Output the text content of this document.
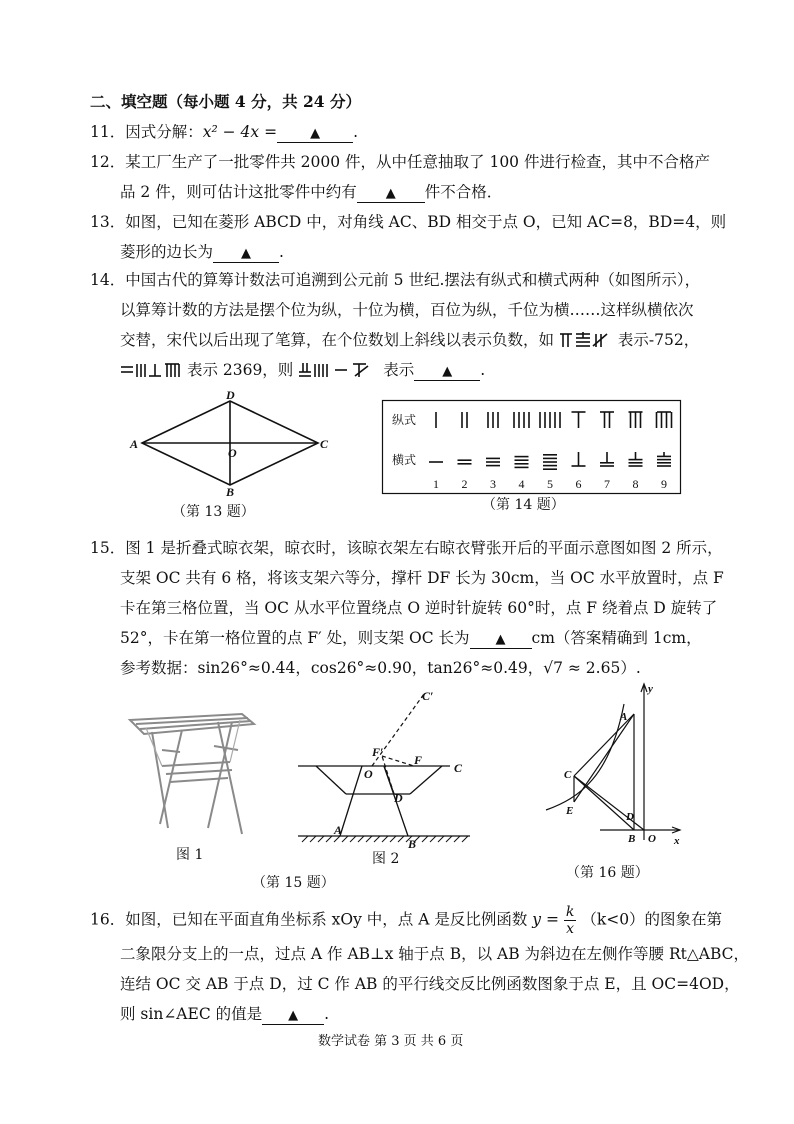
二、填空题（每小题 4 分，共 24 分）
11．因式分解：x² − 4x =	▲ .
12．某工厂生产了一批零件共 2000 件，从中任意抽取了 100 件进行检查，其中不合格产
品 2 件，则可估计这批零件中约有 ▲ 件不合格．
13．如图，已知在菱形 ABCD 中，对角线 AC、BD 相交于点 O，已知 AC=8，BD=4，则
菱形的边长为 ▲ .
14．中国古代的算筹计数法可追溯到公元前 5 世纪.摆法有纵式和横式两种（如图所示），
以算筹计数的方法是摆个位为纵，十位为横，百位为纵，千位为横……这样纵横依次
交替，宋代以后出现了笔算，在个位数划上斜线以表示负数，如	表示-752，
表示 2369，则	表示 ▲ .
A
D
C
B
O
（第 13 题）
纵式
横式
1 2 3 4 5 6 7 8 9
（第 14 题）
15．图 1 是折叠式晾衣架，晾衣时，该晾衣架左右晾衣臂张开后的平面示意图如图 2 所示，
支架 OC 共有 6 格，将该支架六等分，撑杆 DF 长为 30cm，当 OC 水平放置时，点 F
卡在第三格位置，当 OC 从水平位置绕点 O 逆时针旋转 60°时，点 F 绕着点 D 旋转了
52°，卡在第一格位置的点 F′ 处，则支架 OC 长为 ▲ cm（答案精确到 1cm，
参考数据：sin26°≈0.44，cos26°≈0.90，tan26°≈0.49，√7 ≈ 2.65）.
图 1
C′
F′
F
O	C
D
A
B
图 2
（第 15 题）
y
A
C
E	D
B O x
（第 16 题）
16．如图，已知在平面直角坐标系 xOy 中，点 A 是反比例函数 $y = \frac{k}{x} (k<0)$的图象在第
二象限分支上的一点，过点 A 作 AB⊥x 轴于点 B，以 AB 为斜边在左侧作等腰 Rt△ABC，
连结 OC 交 AB 于点 D，过 C 作 AB 的平行线交反比例函数图象于点 E，且 OC=4OD，
则 sin∠AEC 的值是 ▲ .
数学试卷 第 3 页 共 6 页
